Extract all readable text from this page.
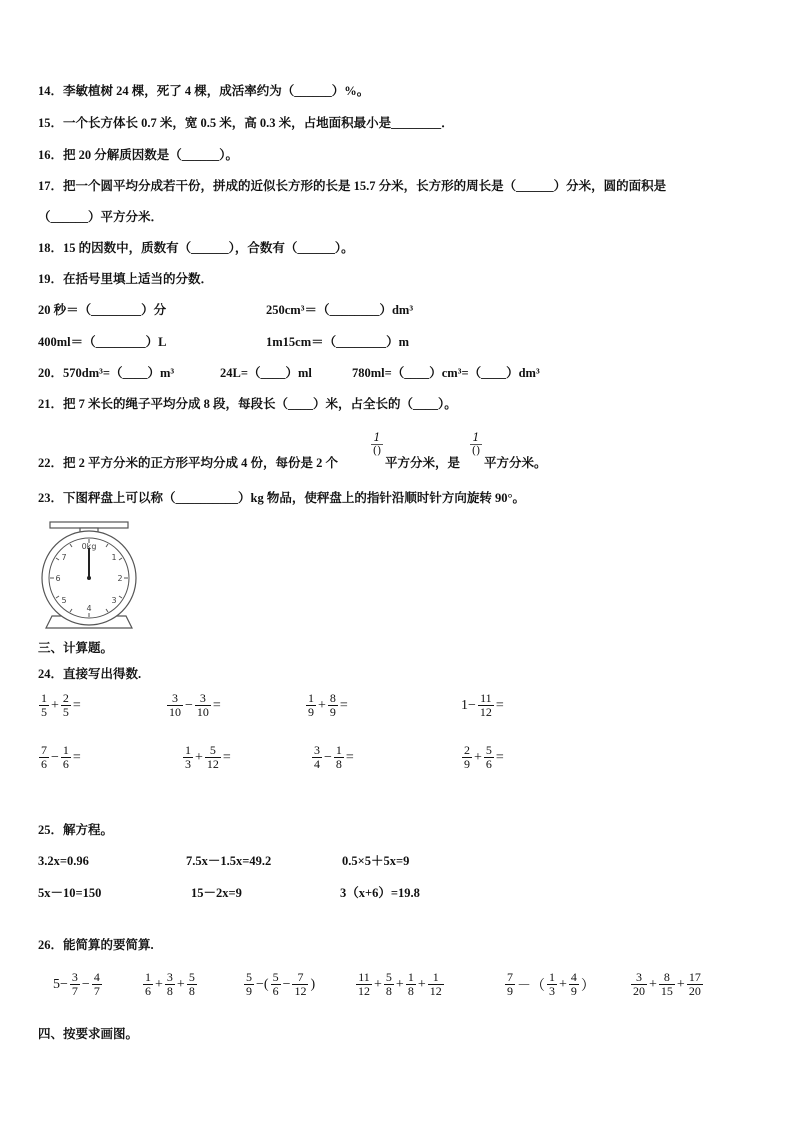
14．李敏植树 24 棵，死了 4 棵，成活率约为（______）%。
15．一个长方体长 0.7 米，宽 0.5 米，高 0.3 米，占地面积最小是________．
16．把 20 分解质因数是（______）。
17．把一个圆平均分成若干份，拼成的近似长方形的长是 15.7 分米，长方形的周长是（______）分米，圆的面积是
（______）平方分米．
18．15 的因数中，质数有（______），合数有（______）。
19．在括号里填上适当的分数．
20 秒＝（________）分	250cm³＝（________）dm³
400ml＝（________）L	1m15cm＝（________）m
20．570dm³=（____）m³	24L=（____）ml	780ml=（____）cm³=（____）dm³
21．把 7 米长的绳子平均分成 8 段，每段长（____）米，占全长的（____）。
22．把 2 平方分米的正方形平均分成 4 份，每份是 2 个
1
()
平方分米，是
1
()
平方分米。
23．下图秤盘上可以称（__________）kg 物品，使秤盘上的指针沿顺时针方向旋转 90°。
0kg
7	1
6	2
5	3
4
三、计算题。
24．直接写出得数.
$\frac{1}{5} + \frac{2}{5}$ =	$\frac{3}{10} - \frac{3}{10}$ =	$\frac{1}{9} + \frac{8}{9}$ =	$1- \frac{11}{12}$ =
$\frac{7}{6} - \frac{1}{6}$ =	$\frac{1}{3} + \frac{5}{12}$ =	$\frac{3}{4} - \frac{1}{8}$ =	$\frac{2}{9} + \frac{5}{6}$ =
25．解方程。
3.2x=0.96	7.5x－1.5x=49.2	0.5×5＋5x=9
5x－10=150	15－2x=9	3（x+6）=19.8
26．能简算的要简算.
$5- \frac{3}{7} - \frac{4}{7}$	$\frac{1}{6} + \frac{3}{8} + \frac{5}{8}$	$\frac{5}{9}$ −( $\frac{5}{6} - \frac{7}{12}$ )	$\frac{11}{12} + \frac{5}{8} + \frac{1}{8} + \frac{1}{12}$	$\frac{7}{9}$ －（ $\frac{1}{3} + \frac{4}{9}$ ）	$\frac{3}{20} + \frac{8}{15} + \frac{17}{20}$
四、按要求画图。
